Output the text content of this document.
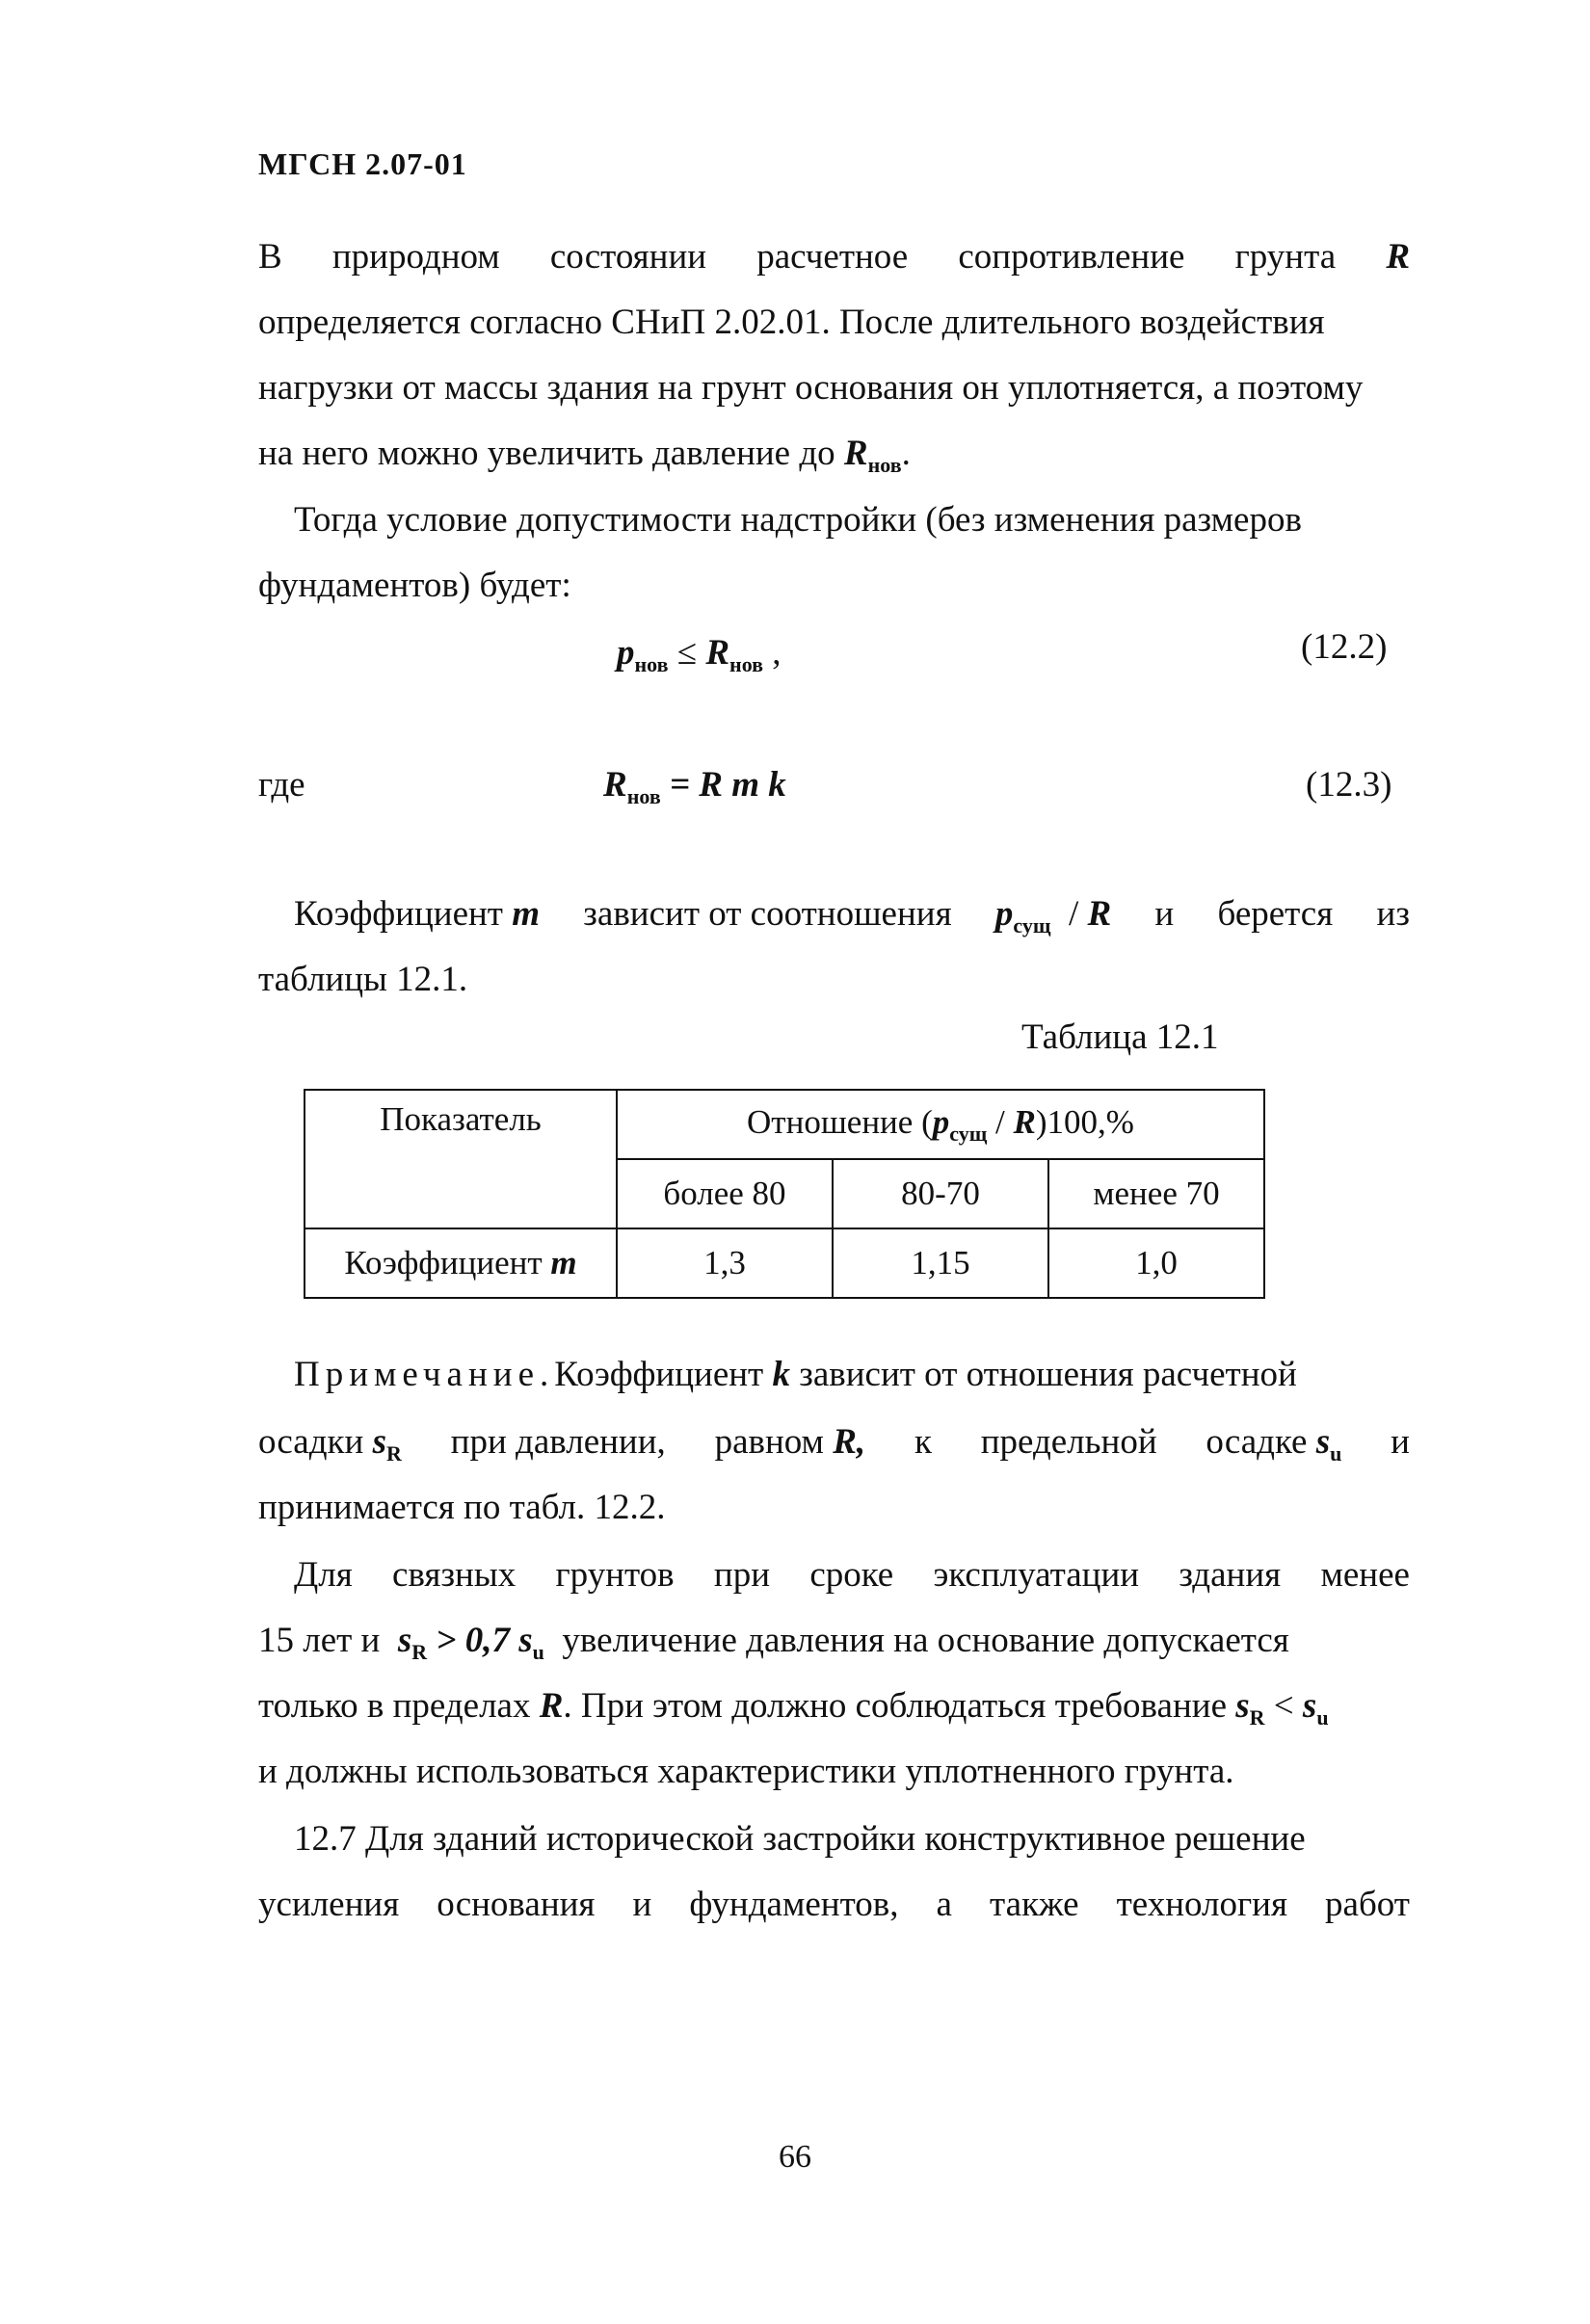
МГСН 2.07-01
В природном состоянии расчетное сопротивление грунта R
определяется согласно СНиП 2.02.01. После длительного воздействия
нагрузки от массы здания на грунт основания он уплотняется, а поэтому
на него можно увеличить давление до $R_{нов}$.
Тогда условие допустимости надстройки (без изменения размеров
фундаментов) будет:
$p_{нов} \le R_{нов}$ ,	(12.2)
где	$R_{нов} = R$ m k	(12.3)
Коэффициент m зависит от соотношения $p_{сущ}$ / R и берется из
таблицы 12.1.
Таблица 12.1
Показатель	Отношение $(p_{сущ} / R)100,\%$		
	более 80	80-70	менее 70
Коэффициент m	1,3	1,15	1,0
Примечание.Коэффициент k зависит от отношения расчетной
осадки $s_R$ при давлении, равном R, к предельной осадке $s_u$ и
принимается по табл. 12.2.
Для связных грунтов при сроке эксплуатации здания менее
15 лет и $s_R > 0,7$ $s_u$ увеличение давления на основание допускается
только в пределах R. При этом должно соблюдаться требование $s_R < s_u$
и должны использоваться характеристики уплотненного грунта.
12.7 Для зданий исторической застройки конструктивное решение
усиления основания и фундаментов, а также технология работ
66
